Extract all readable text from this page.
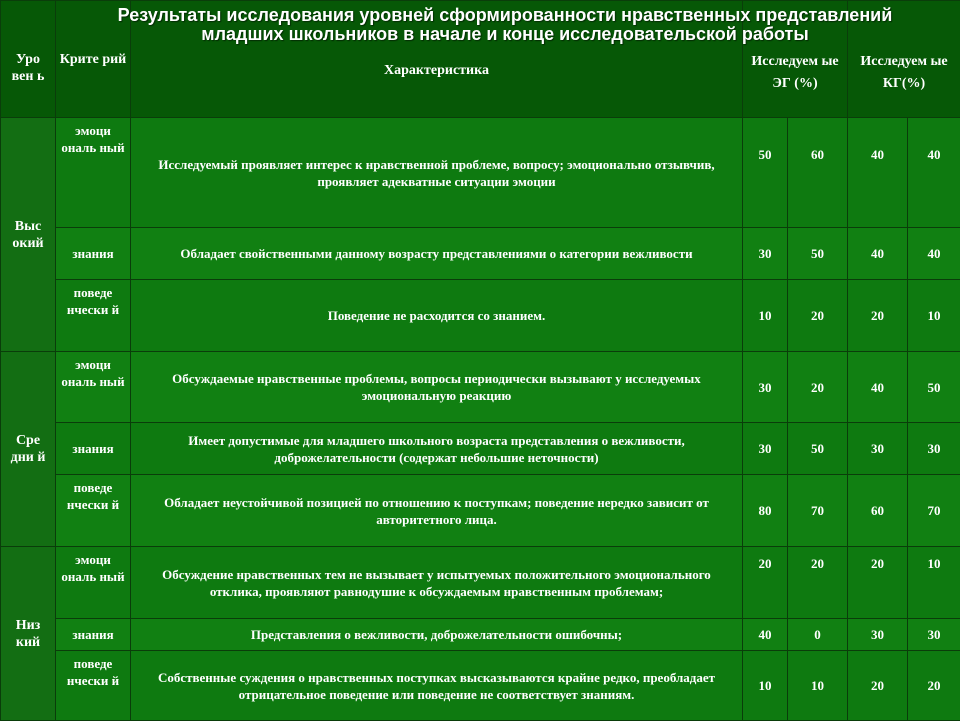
Результаты исследования уровней сформированности нравственных представлений
младших школьников в начале и конце исследовательской работы
Уро вен ь	Крите рий	Характеристика	Исследуем ые ЭГ (%)		Исследуем ые КГ(%)	
Выс окий	эмоци ональ ный	Исследуемый проявляет интерес к нравственной проблеме, вопросу; эмоционально отзывчив, проявляет адекватные ситуации эмоции	50	60	40	40
	знания	Обладает свойственными данному возрасту представлениями о категории вежливости	30	50	40	40
	поведе нчески й	Поведение не расходится со знанием.	10	20	20	10
Сре дни й	эмоци ональ ный	Обсуждаемые нравственные проблемы, вопросы периодически вызывают у исследуемых эмоциональную реакцию	30	20	40	50
	знания	Имеет допустимые для младшего школьного возраста представления о вежливости, доброжелательности (содержат небольшие неточности)	30	50	30	30
	поведе нчески й	Обладает неустойчивой позицией по отношению к поступкам; поведение нередко зависит от авторитетного лица.	80	70	60	70
Низ кий	эмоци ональ ный	Обсуждение нравственных тем не вызывает у испытуемых положительного эмоционального отклика, проявляют равнодушие к обсуждаемым нравственным проблемам;	20	20	20	10
	знания	Представления о вежливости, доброжелательности ошибочны;	40	0	30	30
	поведе нчески й	Собственные суждения о нравственных поступках высказываются крайне редко, преобладает отрицательное поведение или поведение не соответствует знаниям.	10	10	20	20
